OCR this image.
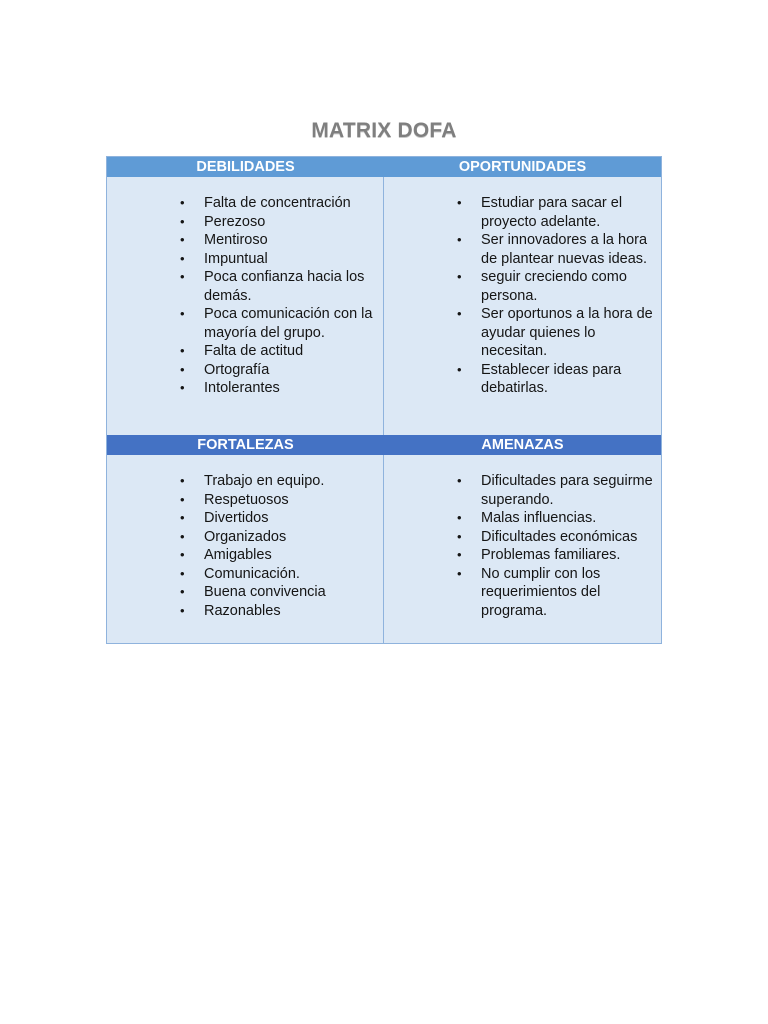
MATRIX DOFA
DEBILIDADES	OPORTUNIDADES
• Falta de concentración
• Perezoso
• Mentiroso
• Impuntual
• Poca confianza hacia los demás.
• Poca comunicación con la mayoría del grupo.
• Falta de actitud
• Ortografía
• Intolerantes
• Estudiar para sacar el proyecto adelante.
• Ser innovadores a la hora de plantear nuevas ideas.
• seguir creciendo como persona.
• Ser oportunos a la hora de ayudar quienes lo necesitan.
• Establecer ideas para debatirlas.
FORTALEZAS	AMENAZAS
• Trabajo en equipo.
• Respetuosos
• Divertidos
• Organizados
• Amigables
• Comunicación.
• Buena convivencia
• Razonables
• Dificultades para seguirme superando.
• Malas influencias.
• Dificultades económicas
• Problemas familiares.
• No cumplir con los requerimientos del programa.
